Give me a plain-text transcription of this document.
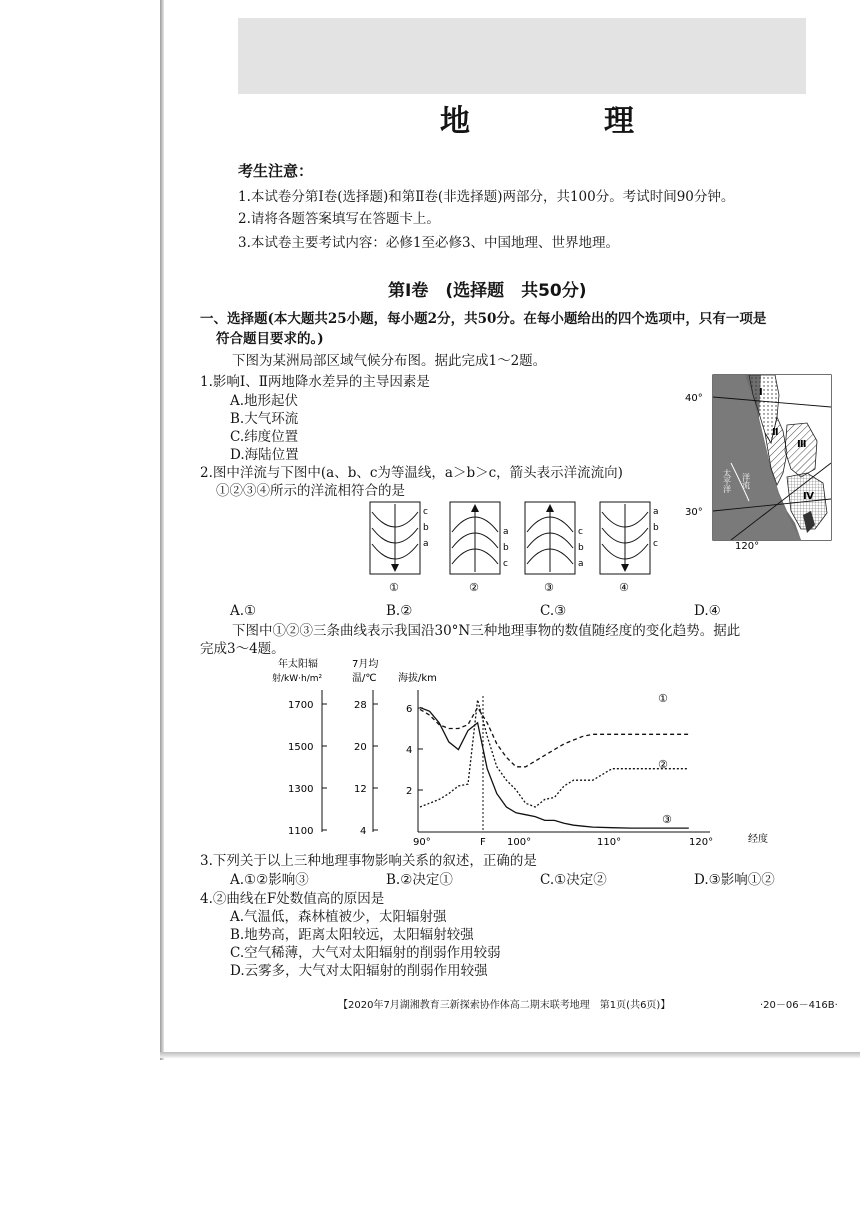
地　理
考生注意：
1.本试卷分第Ⅰ卷(选择题)和第Ⅱ卷(非选择题)两部分，共100分。考试时间90分钟。
2.请将各题答案填写在答题卡上。
3.本试卷主要考试内容：必修1至必修3、中国地理、世界地理。
第Ⅰ卷　(选择题　共50分)
一、选择题(本大题共25小题，每小题2分，共50分。在每小题给出的四个选项中，只有一项是
符合题目要求的。)
下图为某洲局部区域气候分布图。据此完成1～2题。
1.影响Ⅰ、Ⅱ两地降水差异的主导因素是
A.地形起伏
B.大气环流
C.纬度位置
D.海陆位置
40°
30°
120°
Ⅰ
Ⅱ
Ⅲ
Ⅳ
太平洋 洋流
2.图中洋流与下图中(a、b、c为等温线，a＞b＞c，箭头表示洋流流向)
①②③④所示的洋流相符合的是
c
b
a
①
a
b
c
②
c
b
a
③
a
b
c
④
A.①	B.②	C.③	D.④
下图中①②③三条曲线表示我国沿30°N三种地理事物的数值随经度的变化趋势。据此
完成3～4题。
年太阳辐
射/kW·h/m²
7月均
温/℃ 海拔/km
经度
1700
1500
1300
1100
28
20
12
4
6
4
2
90°	F 100°	110°	120°
①
②
③
3.下列关于以上三种地理事物影响关系的叙述，正确的是
A.①②影响③	B.②决定①	C.①决定②	D.③影响①②
4.②曲线在F处数值高的原因是
A.气温低，森林植被少，太阳辐射强
B.地势高，距离太阳较远，太阳辐射较强
C.空气稀薄，大气对太阳辐射的削弱作用较弱
D.云雾多，大气对太阳辐射的削弱作用较强
【2020年7月湖湘教育三新探索协作体高二期末联考地理　第1页(共6页)】	·20－06－416B·
